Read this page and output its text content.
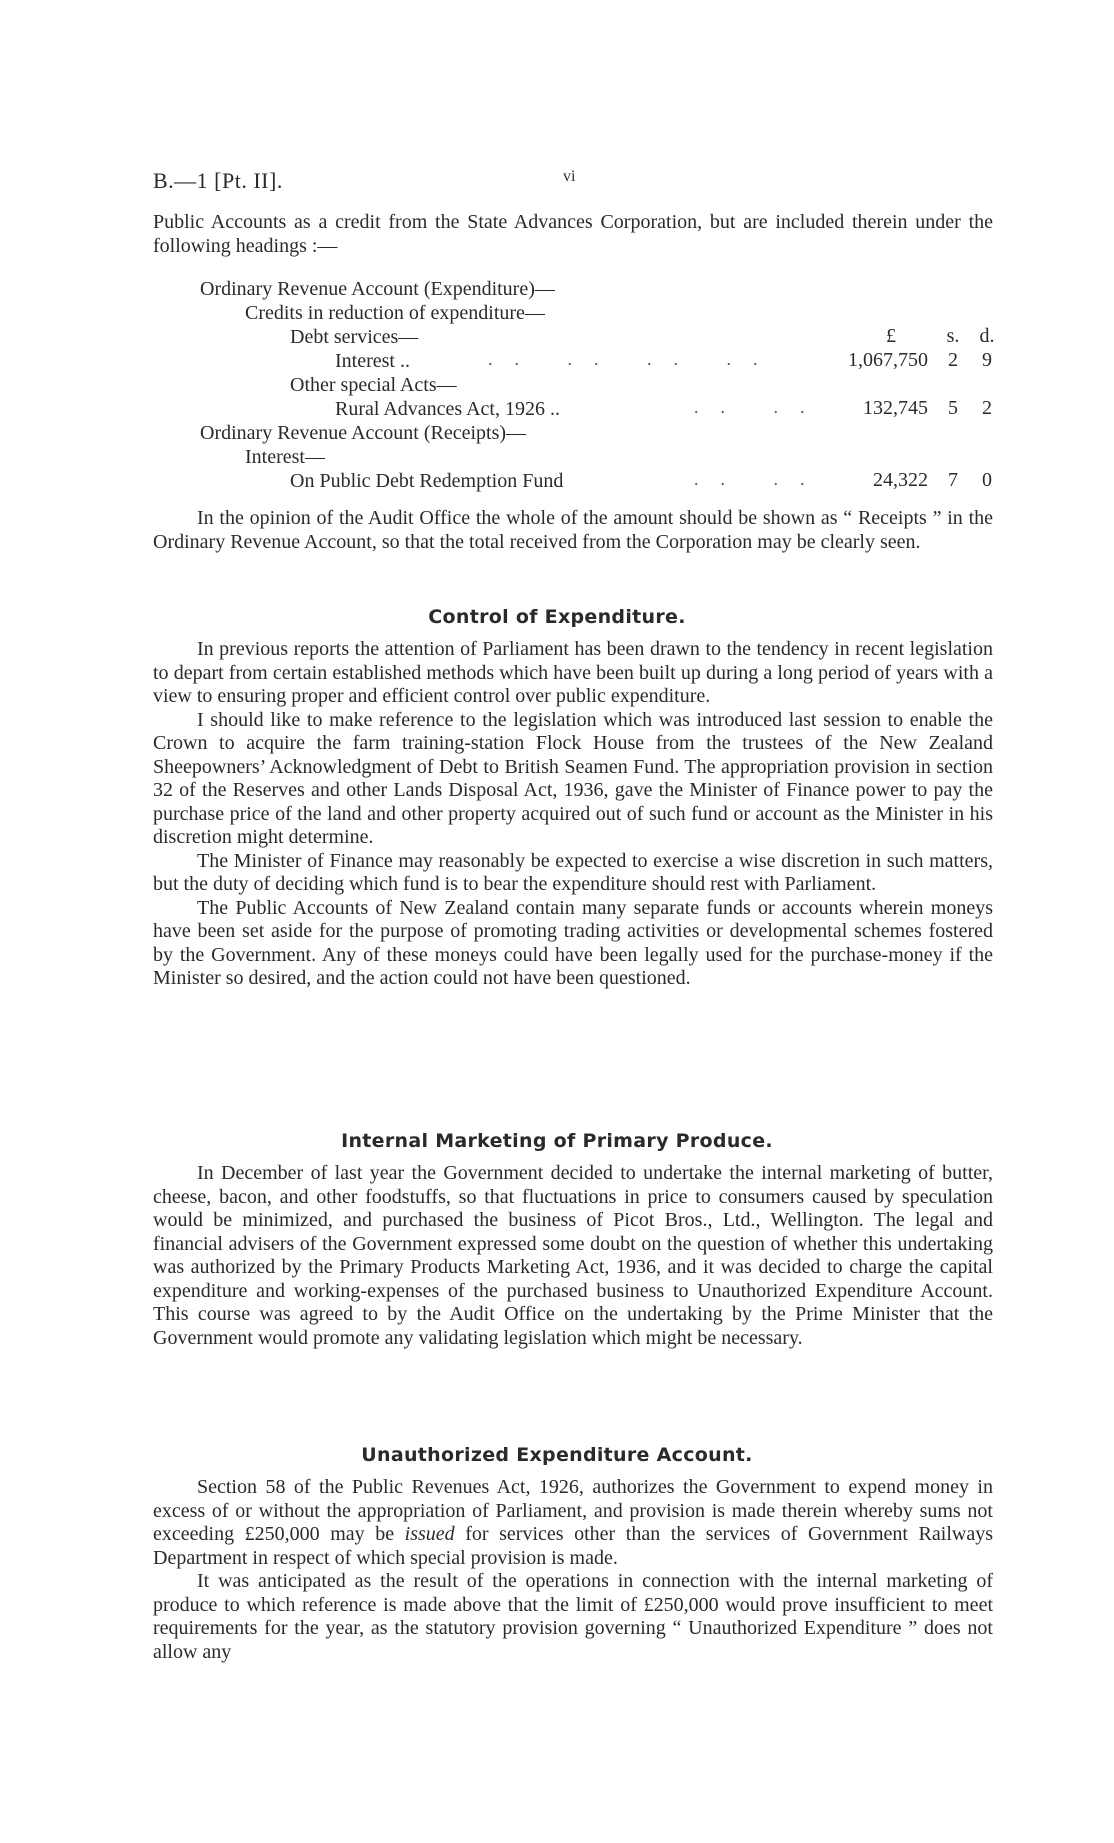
B.—1 [Pt. II].	vi

Public Accounts as a credit from the State Advances Corporation, but are included therein under the following headings :—

Ordinary Revenue Account (Expenditure)—
Credits in reduction of expenditure—
Debt services—	£	s.	d.
Interest ..	.. .. .. ..	1,067,750	2	9
Other special Acts—
Rural Advances Act, 1926 ..	.. ..	132,745	5	2
Ordinary Revenue Account (Receipts)—
Interest—
On Public Debt Redemption Fund	.. ..	24,322	7	0

In the opinion of the Audit Office the whole of the amount should be shown as “ Receipts ” in the Ordinary Revenue Account, so that the total received from the Corporation may be clearly seen.

Control of Expenditure.

In previous reports the attention of Parliament has been drawn to the tendency in recent legislation to depart from certain established methods which have been built up during a long period of years with a view to ensuring proper and efficient control over public expenditure.

I should like to make reference to the legislation which was introduced last session to enable the Crown to acquire the farm training-station Flock House from the trustees of the New Zealand Sheepowners’ Acknowledgment of Debt to British Seamen Fund. The appropriation provision in section 32 of the Reserves and other Lands Disposal Act, 1936, gave the Minister of Finance power to pay the purchase price of the land and other property acquired out of such fund or account as the Minister in his discretion might determine.

The Minister of Finance may reasonably be expected to exercise a wise discretion in such matters, but the duty of deciding which fund is to bear the expenditure should rest with Parliament.

The Public Accounts of New Zealand contain many separate funds or accounts wherein moneys have been set aside for the purpose of promoting trading activities or developmental schemes fostered by the Government. Any of these moneys could have been legally used for the purchase-money if the Minister so desired, and the action could not have been questioned.

Internal Marketing of Primary Produce.

In December of last year the Government decided to undertake the internal marketing of butter, cheese, bacon, and other foodstuffs, so that fluctuations in price to consumers caused by speculation would be minimized, and purchased the business of Picot Bros., Ltd., Wellington. The legal and financial advisers of the Government expressed some doubt on the question of whether this undertaking was authorized by the Primary Products Marketing Act, 1936, and it was decided to charge the capital expenditure and working-expenses of the purchased business to Unauthorized Expenditure Account. This course was agreed to by the Audit Office on the undertaking by the Prime Minister that the Government would promote any validating legislation which might be necessary.

Unauthorized Expenditure Account.

Section 58 of the Public Revenues Act, 1926, authorizes the Government to expend money in excess of or without the appropriation of Parliament, and provision is made therein whereby sums not exceeding £250,000 may be issued for services other than the services of Government Railways Department in respect of which special provision is made.

It was anticipated as the result of the operations in connection with the internal marketing of produce to which reference is made above that the limit of £250,000 would prove insufficient to meet requirements for the year, as the statutory provision governing “ Unauthorized Expenditure ” does not allow any
